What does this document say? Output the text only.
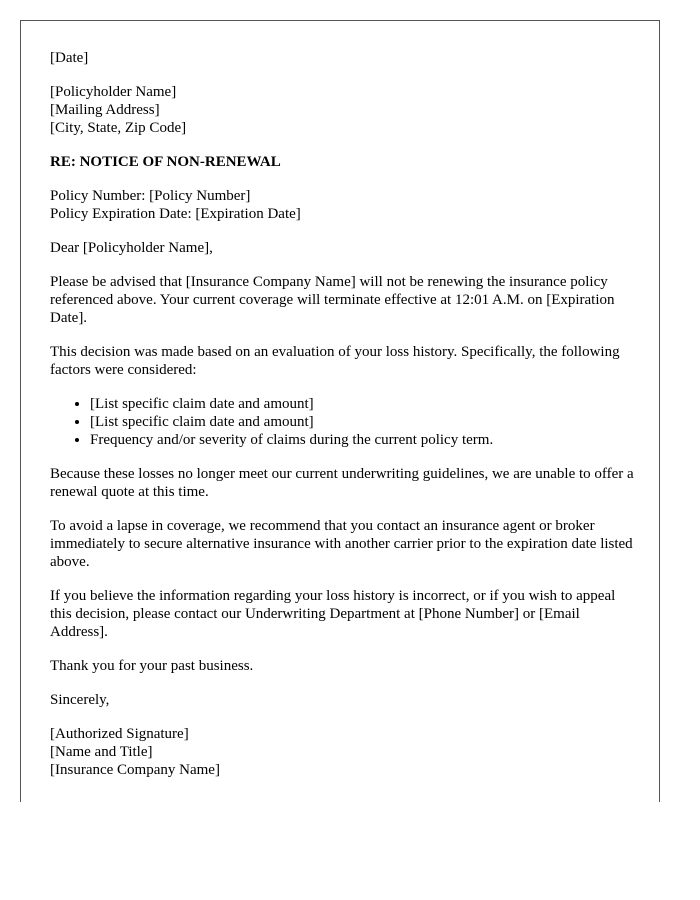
[Date]

[Policyholder Name]
[Mailing Address]
[City, State, Zip Code]

RE: NOTICE OF NON-RENEWAL

Policy Number: [Policy Number]
Policy Expiration Date: [Expiration Date]

Dear [Policyholder Name],

Please be advised that [Insurance Company Name] will not be renewing the insurance policy referenced above. Your current coverage will terminate effective at 12:01 A.M. on [Expiration Date].

This decision was made based on an evaluation of your loss history. Specifically, the following factors were considered:

• [List specific claim date and amount]
• [List specific claim date and amount]
• Frequency and/or severity of claims during the current policy term.

Because these losses no longer meet our current underwriting guidelines, we are unable to offer a renewal quote at this time.

To avoid a lapse in coverage, we recommend that you contact an insurance agent or broker immediately to secure alternative insurance with another carrier prior to the expiration date listed above.

If you believe the information regarding your loss history is incorrect, or if you wish to appeal this decision, please contact our Underwriting Department at [Phone Number] or [Email Address].

Thank you for your past business.

Sincerely,

[Authorized Signature]
[Name and Title]
[Insurance Company Name]
